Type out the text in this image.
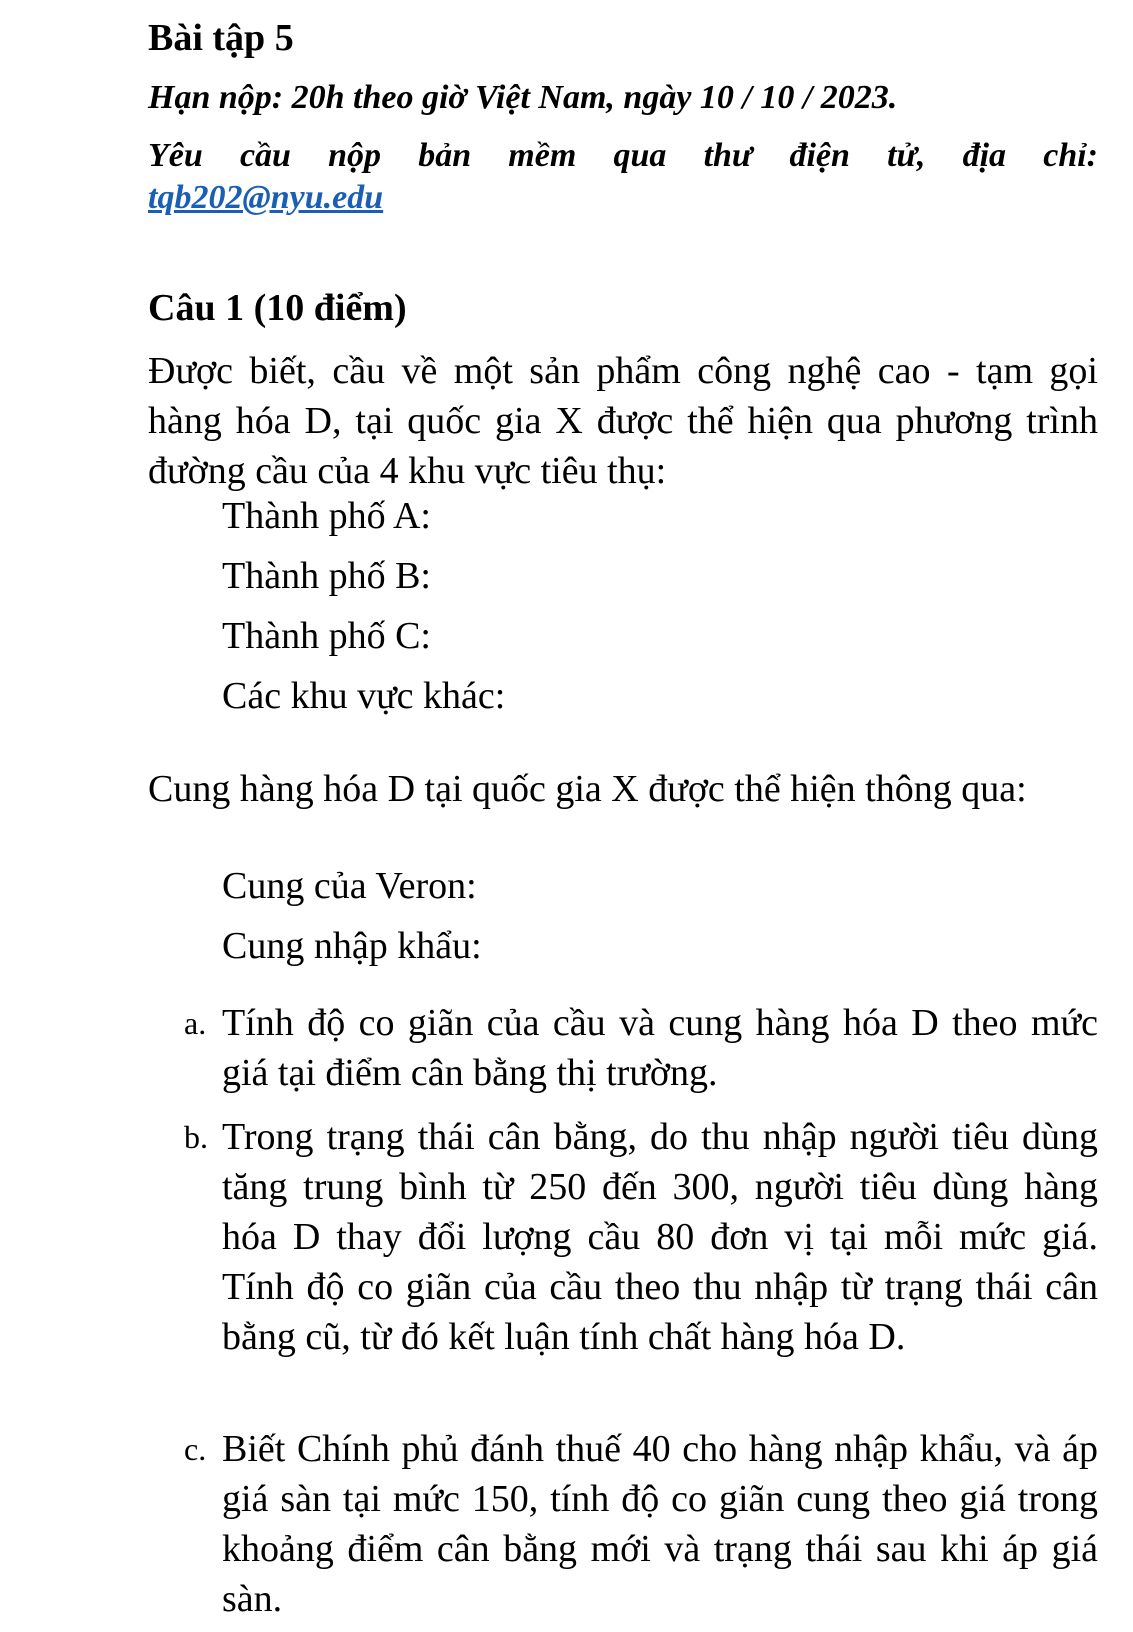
Bài tập 5

Hạn nộp: 20h theo giờ Việt Nam, ngày 10 / 10 / 2023.

Yêu cầu nộp bản mềm qua thư điện tử, địa chỉ:

tqb202@nyu.edu
Câu 1 (10 điểm)

Được biết, cầu về một sản phẩm công nghệ cao - tạm gọi hàng hóa D, tại quốc gia X được thể hiện qua phương trình đường cầu của 4 khu vực tiêu thụ:

Thành phố A:

Thành phố B:

Thành phố C:

Các khu vực khác:

Cung hàng hóa D tại quốc gia X được thể hiện thông qua:

Cung của Veron:

Cung nhập khẩu:

a. Tính độ co giãn của cầu và cung hàng hóa D theo mức giá tại điểm cân bằng thị trường.
b. Trong trạng thái cân bằng, do thu nhập người tiêu dùng tăng trung bình từ 250 đến 300, người tiêu dùng hàng hóa D thay đổi lượng cầu 80 đơn vị tại mỗi mức giá. Tính độ co giãn của cầu theo thu nhập từ trạng thái cân bằng cũ, từ đó kết luận tính chất hàng hóa D.
c. Biết Chính phủ đánh thuế 40 cho hàng nhập khẩu, và áp giá sàn tại mức 150, tính độ co giãn cung theo giá trong khoảng điểm cân bằng mới và trạng thái sau khi áp giá sàn.
